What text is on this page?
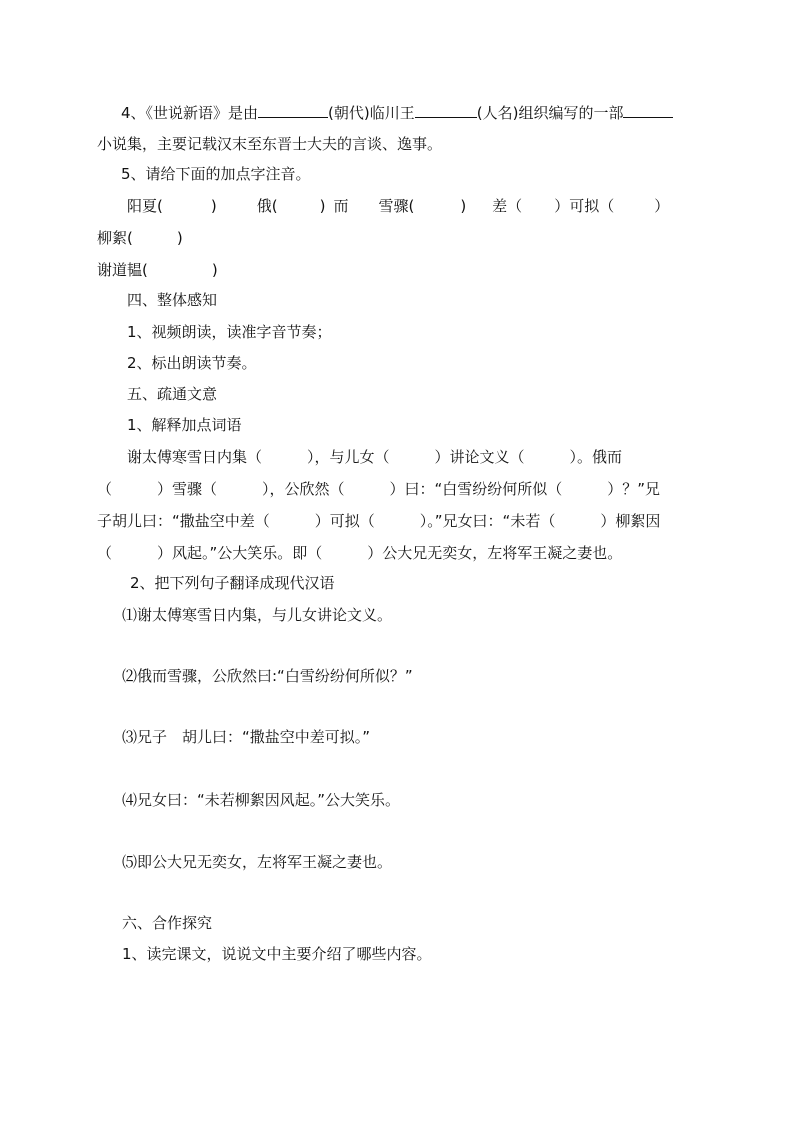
4、《世说新语》是由	(朝代)临川王	(人名)组织编写的一部
小说集，主要记载汉末至东晋士大夫的言谈、逸事。
5、请给下面的加点字注音。
阳夏(	)	俄(	) 而 雪骤(	) 差（ ）可拟（	）
柳絮(	)
谢道韫(	)
四、整体感知
1、视频朗读，读准字音节奏；
2、标出朗读节奏。
五、疏通文意
1、解释加点词语
谢太傅寒雪日内集（　　　），与儿女（　　　）讲论文义（　　　）。俄而
（　　　）雪骤（　　　），公欣然（　　　）曰：“白雪纷纷何所似（　　　）？”兄
子胡儿曰：“撒盐空中差（　　　）可拟（　　　）。”兄女曰：“未若（　　　）柳絮因
（　　　）风起。”公大笑乐。即（　　　）公大兄无奕女，左将军王凝之妻也。
2、把下列句子翻译成现代汉语
⑴谢太傅寒雪日内集，与儿女讲论文义。
⑵俄而雪骤，公欣然曰:“白雪纷纷何所似？”
⑶兄子　胡儿曰：“撒盐空中差可拟。”
⑷兄女曰：“未若柳絮因风起。”公大笑乐。
⑸即公大兄无奕女，左将军王凝之妻也。
六、合作探究
1、读完课文，说说文中主要介绍了哪些内容。
